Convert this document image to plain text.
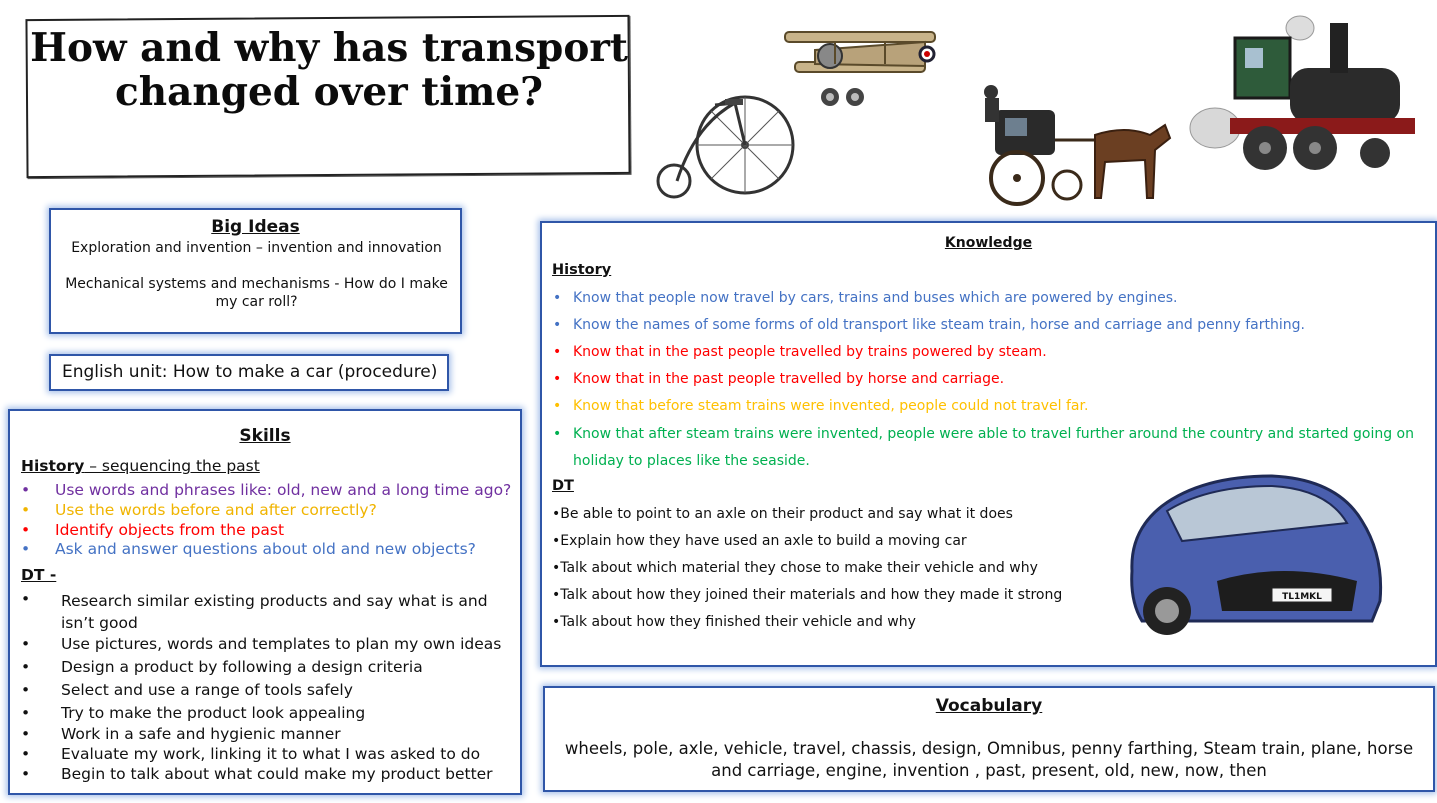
How and why has transport changed over time?
Big Ideas
Exploration and invention – invention and innovation
Mechanical systems and mechanisms - How do I make my car roll?
English unit: How to make a car (procedure)
Skills
History – sequencing the past
• Use words and phrases like: old, new and a long time ago?
• Use the words before and after correctly?
• Identify objects from the past
• Ask and answer questions about old and new objects?
DT -
• Research similar existing products and say what is and isn’t good
• Use pictures, words and templates to plan my own ideas
• Design a product by following a design criteria
• Select and use a range of tools safely
• Try to make the product look appealing
• Work in a safe and hygienic manner
• Evaluate my work, linking it to what I was asked to do
• Begin to talk about what could make my product better
Knowledge
History
• Know that people now travel by cars, trains and buses which are powered by engines.
• Know the names of some forms of old transport like steam train, horse and carriage and penny farthing.
• Know that in the past people travelled by trains powered by steam.
• Know that in the past people travelled by horse and carriage.
• Know that before steam trains were invented, people could not travel far.
• Know that after steam trains were invented, people were able to travel further around the country and started going on
holiday to places like the seaside.
DT
•Be able to point to an axle on their product and say what it does
•Explain how they have used an axle to build a moving car
•Talk about which material they chose to make their vehicle and why
•Talk about how they joined their materials and how they made it strong
•Talk about how they finished their vehicle and why
TL1MKL
Vocabulary
wheels, pole, axle, vehicle, travel, chassis, design, Omnibus, penny farthing, Steam train, plane, horse
and carriage, engine, invention , past, present, old, new, now, then
